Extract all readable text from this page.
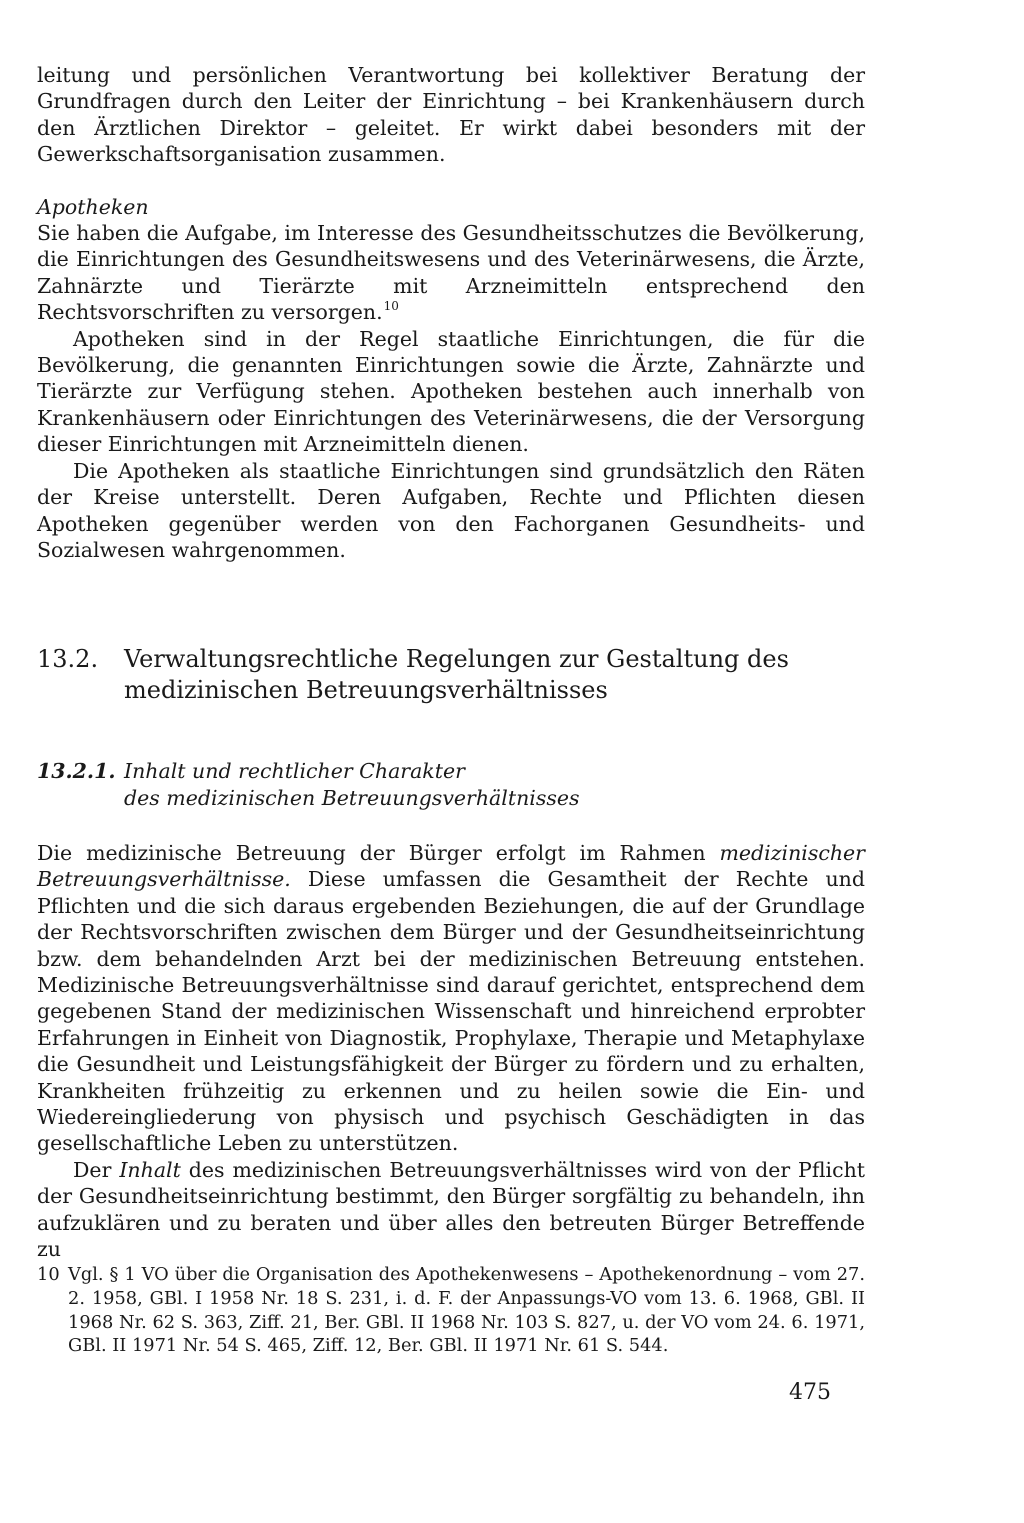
leitung und persönlichen Verantwortung bei kollektiver Beratung der Grundfragen durch den Leiter der Einrichtung – bei Krankenhäusern durch den Ärztlichen Direktor – geleitet. Er wirkt dabei besonders mit der Gewerkschaftsorganisation zusammen.

Apotheken

Sie haben die Aufgabe, im Interesse des Gesundheitsschutzes die Bevölkerung, die Einrichtungen des Gesundheitswesens und des Veterinärwesens, die Ärzte, Zahnärzte und Tierärzte mit Arzneimitteln entsprechend den Rechtsvorschriften zu versorgen.$^{10}$

Apotheken sind in der Regel staatliche Einrichtungen, die für die Bevölkerung, die genannten Einrichtungen sowie die Ärzte, Zahnärzte und Tierärzte zur Verfügung stehen. Apotheken bestehen auch innerhalb von Krankenhäusern oder Einrichtungen des Veterinärwesens, die der Versorgung dieser Einrichtungen mit Arzneimitteln dienen.

Die Apotheken als staatliche Einrichtungen sind grundsätzlich den Räten der Kreise unterstellt. Deren Aufgaben, Rechte und Pflichten diesen Apotheken gegenüber werden von den Fachorganen Gesundheits- und Sozialwesen wahrgenommen.

13.2. Verwaltungsrechtliche Regelungen zur Gestaltung des medizinischen Betreuungsverhältnisses
13.2.1. Inhalt und rechtlicher Charakter
des medizinischen Betreuungsverhältnisses

Die medizinische Betreuung der Bürger erfolgt im Rahmen medizinischer Betreuungsverhältnisse. Diese umfassen die Gesamtheit der Rechte und Pflichten und die sich daraus ergebenden Beziehungen, die auf der Grundlage der Rechtsvorschriften zwischen dem Bürger und der Gesundheitseinrichtung bzw. dem behandelnden Arzt bei der medizinischen Betreuung entstehen. Medizinische Betreuungsverhältnisse sind darauf gerichtet, entsprechend dem gegebenen Stand der medizinischen Wissenschaft und hinreichend erprobter Erfahrungen in Einheit von Diagnostik, Prophylaxe, Therapie und Metaphylaxe die Gesundheit und Leistungsfähigkeit der Bürger zu fördern und zu erhalten, Krankheiten frühzeitig zu erkennen und zu heilen sowie die Ein- und Wiedereingliederung von physisch und psychisch Geschädigten in das gesellschaftliche Leben zu unterstützen.

Der Inhalt des medizinischen Betreuungsverhältnisses wird von der Pflicht der Gesundheitseinrichtung bestimmt, den Bürger sorgfältig zu behandeln, ihn aufzuklären und zu beraten und über alles den betreuten Bürger Betreffende zu

10 Vgl. § 1 VO über die Organisation des Apothekenwesens – Apothekenordnung – vom 27. 2. 1958, GBl. I 1958 Nr. 18 S. 231, i. d. F. der Anpassungs-VO vom 13. 6. 1968, GBl. II 1968 Nr. 62 S. 363, Ziff. 21, Ber. GBl. II 1968 Nr. 103 S. 827, u. der VO vom 24. 6. 1971, GBl. II 1971 Nr. 54 S. 465, Ziff. 12, Ber. GBl. II 1971 Nr. 61 S. 544.
475
